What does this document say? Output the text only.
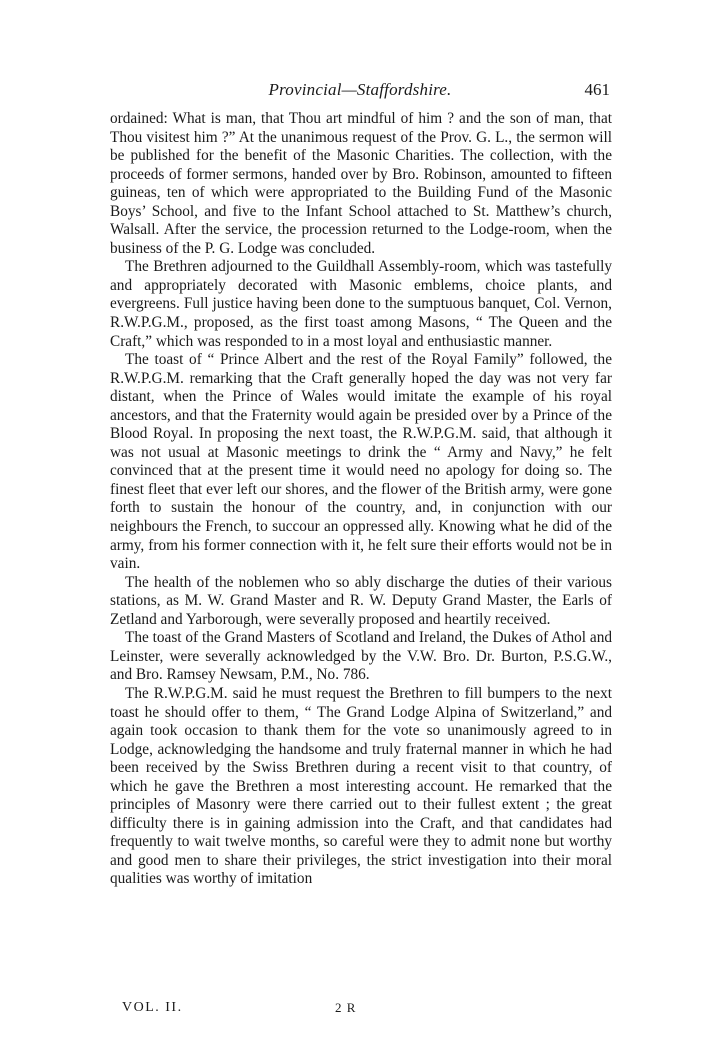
Provincial—Staffordshire.	461

ordained: What is man, that Thou art mindful of him ? and the son of man, that Thou visitest him ?” At the unanimous request of the Prov. G. L., the sermon will be published for the benefit of the Masonic Charities. The collection, with the proceeds of former sermons, handed over by Bro. Robinson, amounted to fifteen guineas, ten of which were appropriated to the Building Fund of the Masonic Boys’ School, and five to the Infant School attached to St. Matthew’s church, Walsall. After the service, the procession returned to the Lodge-room, when the business of the P. G. Lodge was concluded.

The Brethren adjourned to the Guildhall Assembly-room, which was tastefully and appropriately decorated with Masonic emblems, choice plants, and evergreens. Full justice having been done to the sumptuous banquet, Col. Vernon, R.W.P.G.M., proposed, as the first toast among Masons, “ The Queen and the Craft,” which was responded to in a most loyal and enthusiastic manner.

The toast of “ Prince Albert and the rest of the Royal Family” followed, the R.W.P.G.M. remarking that the Craft generally hoped the day was not very far distant, when the Prince of Wales would imitate the example of his royal ancestors, and that the Fraternity would again be presided over by a Prince of the Blood Royal. In proposing the next toast, the R.W.P.G.M. said, that although it was not usual at Masonic meetings to drink the “ Army and Navy,” he felt convinced that at the present time it would need no apology for doing so. The finest fleet that ever left our shores, and the flower of the British army, were gone forth to sustain the honour of the country, and, in conjunction with our neighbours the French, to succour an oppressed ally. Knowing what he did of the army, from his former connection with it, he felt sure their efforts would not be in vain.

The health of the noblemen who so ably discharge the duties of their various stations, as M. W. Grand Master and R. W. Deputy Grand Master, the Earls of Zetland and Yarborough, were severally proposed and heartily received.

The toast of the Grand Masters of Scotland and Ireland, the Dukes of Athol and Leinster, were severally acknowledged by the V.W. Bro. Dr. Burton, P.S.G.W., and Bro. Ramsey Newsam, P.M., No. 786.

The R.W.P.G.M. said he must request the Brethren to fill bumpers to the next toast he should offer to them, “ The Grand Lodge Alpina of Switzerland,” and again took occasion to thank them for the vote so unanimously agreed to in Lodge, acknowledging the handsome and truly fraternal manner in which he had been received by the Swiss Brethren during a recent visit to that country, of which he gave the Brethren a most interesting account. He remarked that the principles of Masonry were there carried out to their fullest extent ; the great difficulty there is in gaining admission into the Craft, and that candidates had frequently to wait twelve months, so careful were they to admit none but worthy and good men to share their privileges, the strict investigation into their moral qualities was worthy of imitation

VOL. II.	2 R
